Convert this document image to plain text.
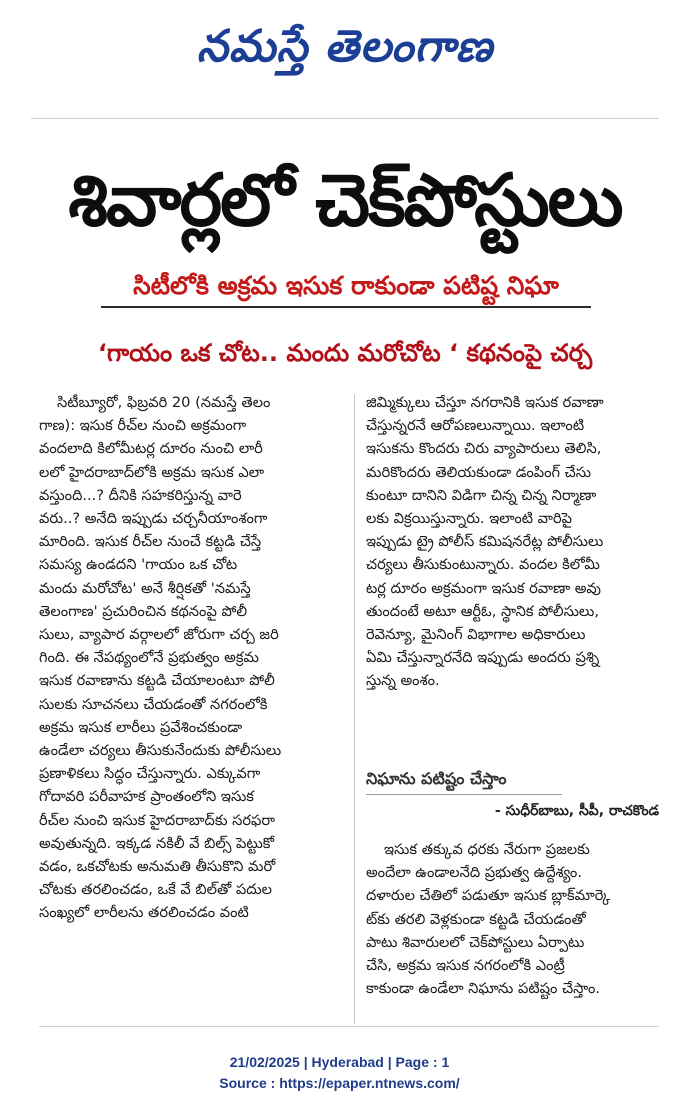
నమస్తే తెలంగాణ
శివార్లలో చెక్‌పోస్టులు
సిటీలోకి అక్రమ ఇసుక రాకుండా పటిష్ట నిఘా
‘గాయం ఒక చోట.. మందు మరోచోట ‘ కథనంపై చర్చ
సిటీబ్యూరో, ఫిబ్రవరి 20 (నమస్తే తెలం
గాణ): ఇసుక రీచ్‌ల నుంచి అక్రమంగా
వందలాది కిలోమీటర్ల దూరం నుంచి లారీ
లలో హైదరాబాద్‌లోకి అక్రమ ఇసుక ఎలా
వస్తుంది...? దీనికి సహకరిస్తున్న వారె
వరు..? అనేది ఇప్పుడు చర్చనీయాంశంగా
మారింది. ఇసుక రీచ్‌ల నుంచే కట్టడి చేస్తే
సమస్య ఉండదని 'గాయం ఒక చోట
మందు మరోచోట' అనే శీర్షికతో 'నమస్తే
తెలంగాణ' ప్రచురించిన కథనంపై పోలీ
సులు, వ్యాపార వర్గాలలో జోరుగా చర్చ జరి
గింది. ఈ నేపథ్యంలోనే ప్రభుత్వం అక్రమ
ఇసుక రవాణాను కట్టడి చేయాలంటూ పోలీ
సులకు సూచనలు చేయడంతో నగరంలోకి
అక్రమ ఇసుక లారీలు ప్రవేశించకుండా
ఉండేలా చర్యలు తీసుకునేందుకు పోలీసులు
ప్రణాళికలు సిద్ధం చేస్తున్నారు. ఎక్కువగా
గోదావరి పరీవాహక ప్రాంతంలోని ఇసుక
రీచ్‌ల నుంచి ఇసుక హైదరాబాద్‌కు సరఫరా
అవుతున్నది. ఇక్కడ నకిలీ వే బిల్స్ పెట్టుకో
వడం, ఒకచోటకు అనుమతి తీసుకొని మరో
చోటకు తరలించడం, ఒకే వే బిల్‌తో పదుల
సంఖ్యలో లారీలను తరలించడం వంటి
జిమ్మిక్కులు చేస్తూ నగరానికి ఇసుక రవాణా
చేస్తున్నరనే ఆరోపణలున్నాయి. ఇలాంటి
ఇసుకను కొందరు చిరు వ్యాపారులు తెలిసి,
మరికొందరు తెలియకుండా డంపింగ్ చేసు
కుంటూ దానిని విడిగా చిన్న చిన్న నిర్మాణా
లకు విక్రయిస్తున్నారు. ఇలాంటి వారిపై
ఇప్పుడు ట్రై పోలీస్ కమిషనరేట్ల పోలీసులు
చర్యలు తీసుకుంటున్నారు. వందల కిలోమీ
టర్ల దూరం అక్రమంగా ఇసుక రవాణా అవు
తుందంటే అటూ ఆర్టీఓ, స్థానిక పోలీసులు,
రెవెన్యూ, మైనింగ్ విభాగాల అధికారులు
ఏమి చేస్తున్నారనేది ఇప్పుడు అందరు ప్రశ్ని
స్తున్న అంశం.
నిఘాను పటిష్టం చేస్తాం
- సుధీర్‌బాబు, సీపీ, రాచకొండ
ఇసుక తక్కువ ధరకు నేరుగా ప్రజలకు
అందేలా ఉండాలనేది ప్రభుత్వ ఉద్దేశ్యం.
దళారుల చేతిలో పడుతూ ఇసుక బ్లాక్‌మార్కె
ట్‌కు తరలి వెళ్లకుండా కట్టడి చేయడంతో
పాటు శివారులలో చెక్‌పోస్టులు ఏర్పాటు
చేసి, అక్రమ ఇసుక నగరంలోకి ఎంట్రీ
కాకుండా ఉండేలా నిఘాను పటిష్టం చేస్తాం.
21/02/2025 | Hyderabad | Page : 1
Source : https://epaper.ntnews.com/
